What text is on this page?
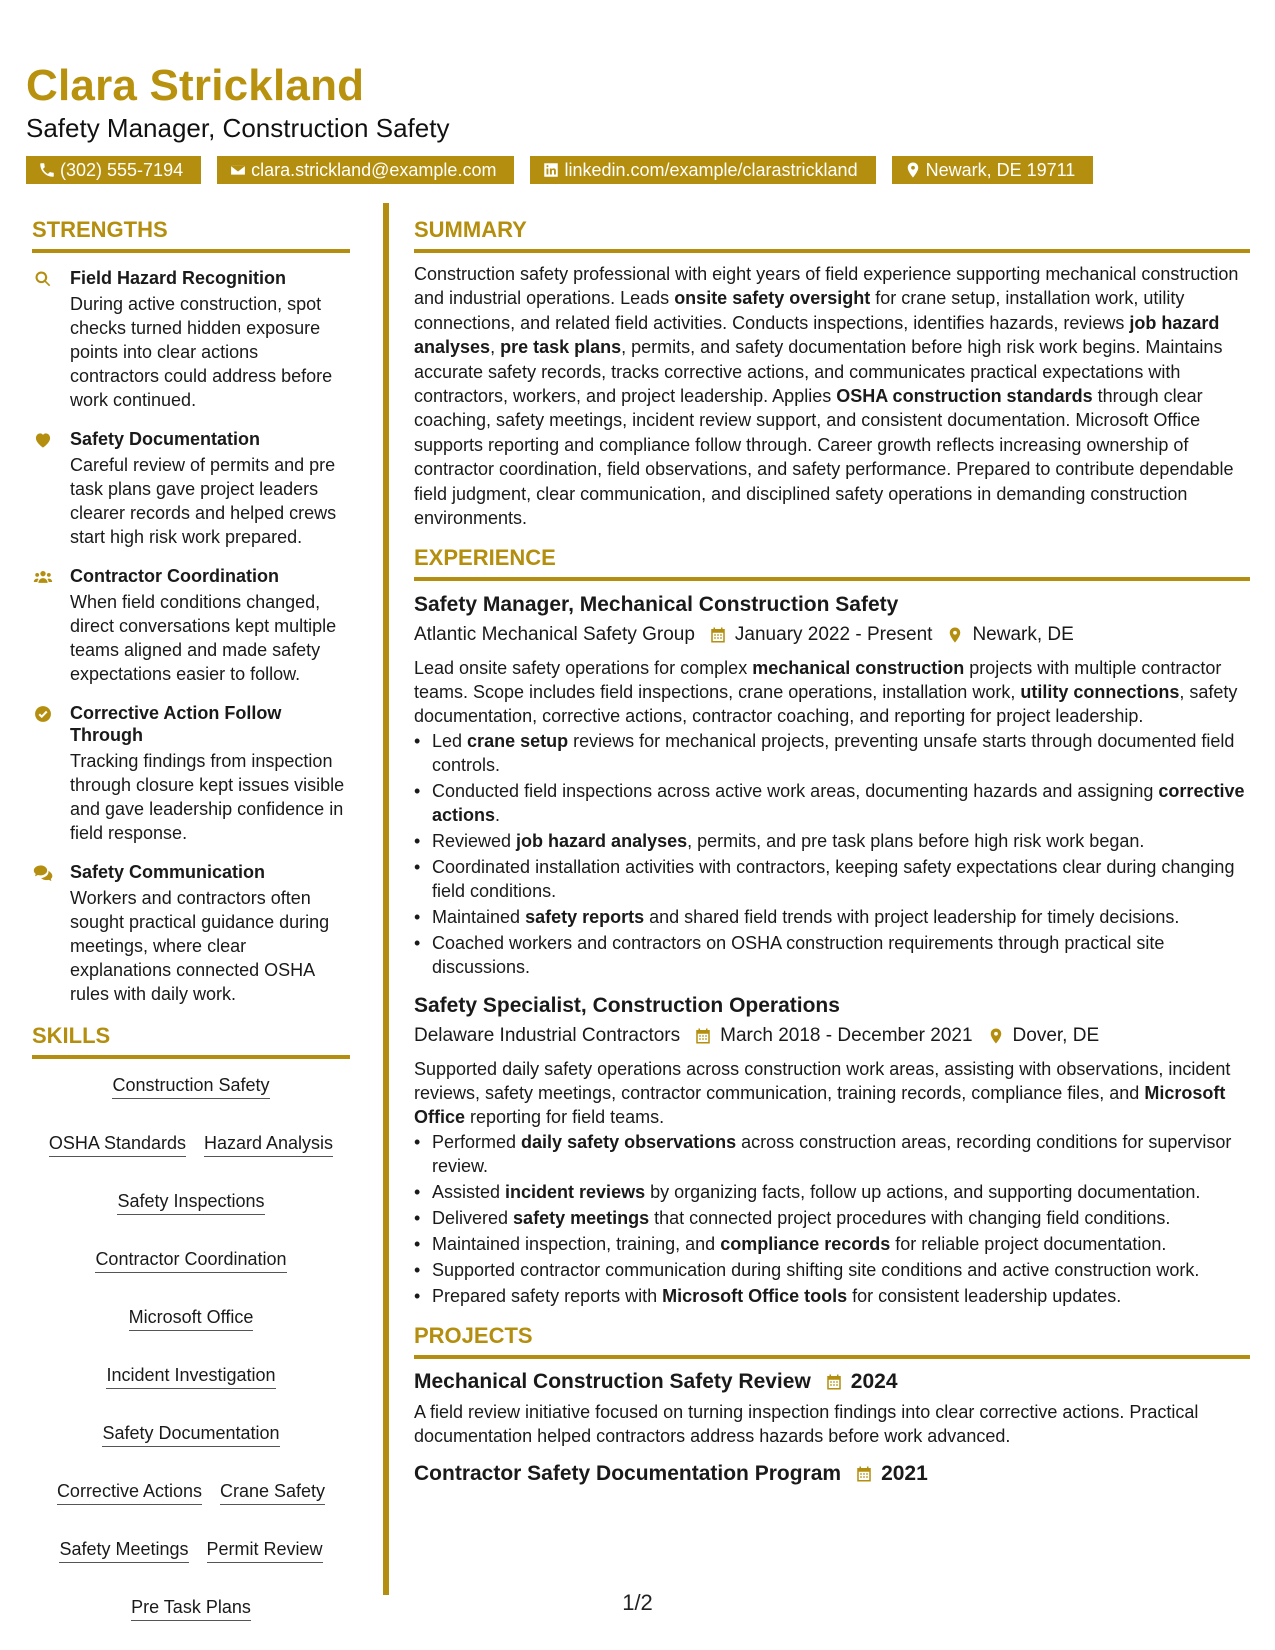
Clara Strickland
Safety Manager, Construction Safety
(302) 555-7194	clara.strickland@example.com	linkedin.com/example/clarastrickland	Newark, DE 19711
STRENGTHS
Field Hazard Recognition
During active construction, spot checks turned hidden exposure points into clear actions contractors could address before work continued.
Safety Documentation
Careful review of permits and pre task plans gave project leaders clearer records and helped crews start high risk work prepared.
Contractor Coordination
When field conditions changed, direct conversations kept multiple teams aligned and made safety expectations easier to follow.
Corrective Action Follow Through
Tracking findings from inspection through closure kept issues visible and gave leadership confidence in field response.
Safety Communication
Workers and contractors often sought practical guidance during meetings, where clear explanations connected OSHA rules with daily work.
SKILLS
Construction Safety
OSHA Standards Hazard Analysis
Safety Inspections
Contractor Coordination
Microsoft Office
Incident Investigation
Safety Documentation
Corrective Actions Crane Safety
Safety Meetings Permit Review
Pre Task Plans
SUMMARY

Construction safety professional with eight years of field experience supporting mechanical construction and industrial operations. Leads onsite safety oversight for crane setup, installation work, utility connections, and related field activities. Conducts inspections, identifies hazards, reviews job hazard analyses, pre task plans, permits, and safety documentation before high risk work begins. Maintains accurate safety records, tracks corrective actions, and communicates practical expectations with contractors, workers, and project leadership. Applies OSHA construction standards through clear coaching, safety meetings, incident review support, and consistent documentation. Microsoft Office supports reporting and compliance follow through. Career growth reflects increasing ownership of contractor coordination, field observations, and safety performance. Prepared to contribute dependable field judgment, clear communication, and disciplined safety operations in demanding construction environments.

EXPERIENCE
Safety Manager, Mechanical Construction Safety
Atlantic Mechanical Safety Group January 2022 - Present Newark, DE

Lead onsite safety operations for complex mechanical construction projects with multiple contractor teams. Scope includes field inspections, crane operations, installation work, utility connections, safety documentation, corrective actions, contractor coaching, and reporting for project leadership.

• Led crane setup reviews for mechanical projects, preventing unsafe starts through documented field controls.
• Conducted field inspections across active work areas, documenting hazards and assigning corrective actions.
• Reviewed job hazard analyses, permits, and pre task plans before high risk work began.
• Coordinated installation activities with contractors, keeping safety expectations clear during changing field conditions.
• Maintained safety reports and shared field trends with project leadership for timely decisions.
• Coached workers and contractors on OSHA construction requirements through practical site discussions.
Safety Specialist, Construction Operations
Delaware Industrial Contractors March 2018 - December 2021 Dover, DE

Supported daily safety operations across construction work areas, assisting with observations, incident reviews, safety meetings, contractor communication, training records, compliance files, and Microsoft Office reporting for field teams.

• Performed daily safety observations across construction areas, recording conditions for supervisor review.
• Assisted incident reviews by organizing facts, follow up actions, and supporting documentation.
• Delivered safety meetings that connected project procedures with changing field conditions.
• Maintained inspection, training, and compliance records for reliable project documentation.
• Supported contractor communication during shifting site conditions and active construction work.
• Prepared safety reports with Microsoft Office tools for consistent leadership updates.
PROJECTS
Mechanical Construction Safety Review 2024

A field review initiative focused on turning inspection findings into clear corrective actions. Practical documentation helped contractors address hazards before work advanced.

Contractor Safety Documentation Program 2021
1/2
